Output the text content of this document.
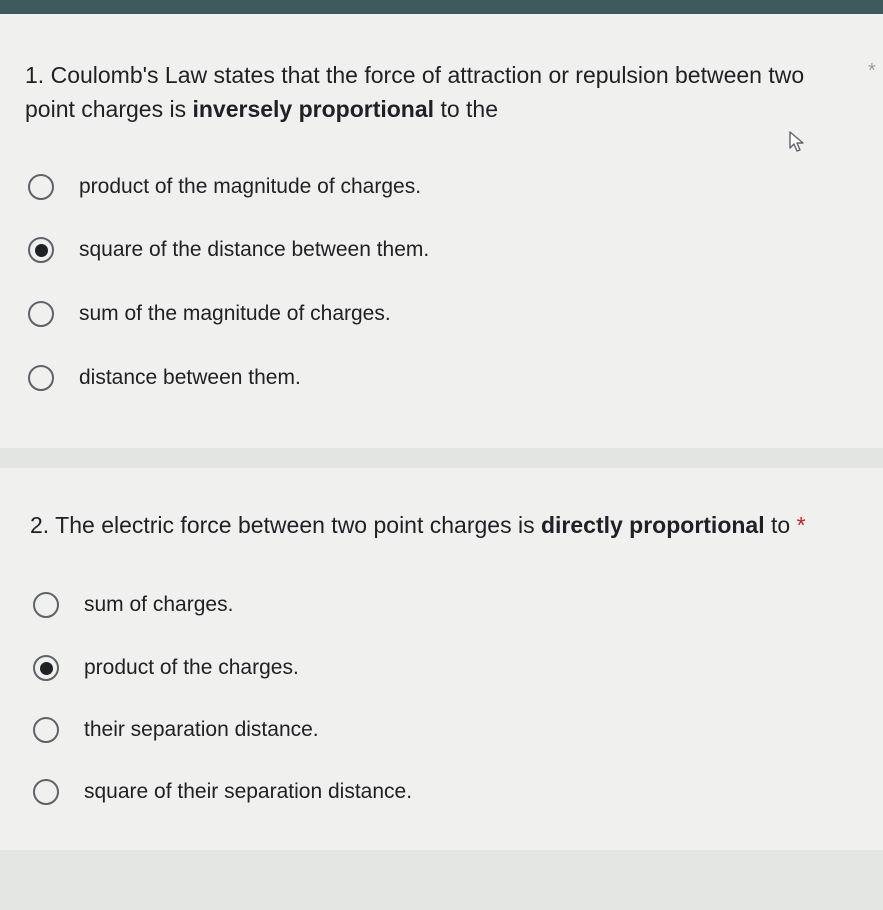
1. Coulomb's Law states that the force of attraction or repulsion between two point charges is inversely proportional to the
*
product of the magnitude of charges.
square of the distance between them.
sum of the magnitude of charges.
distance between them.
2. The electric force between two point charges is directly proportional to *
sum of charges.
product of the charges.
their separation distance.
square of their separation distance.
